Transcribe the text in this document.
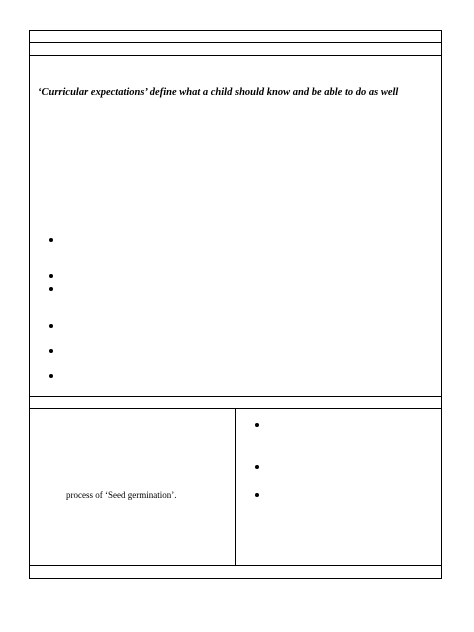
‘Curricular expectations’ define what a child should know and be able to do as well
process of ‘Seed germination’.
